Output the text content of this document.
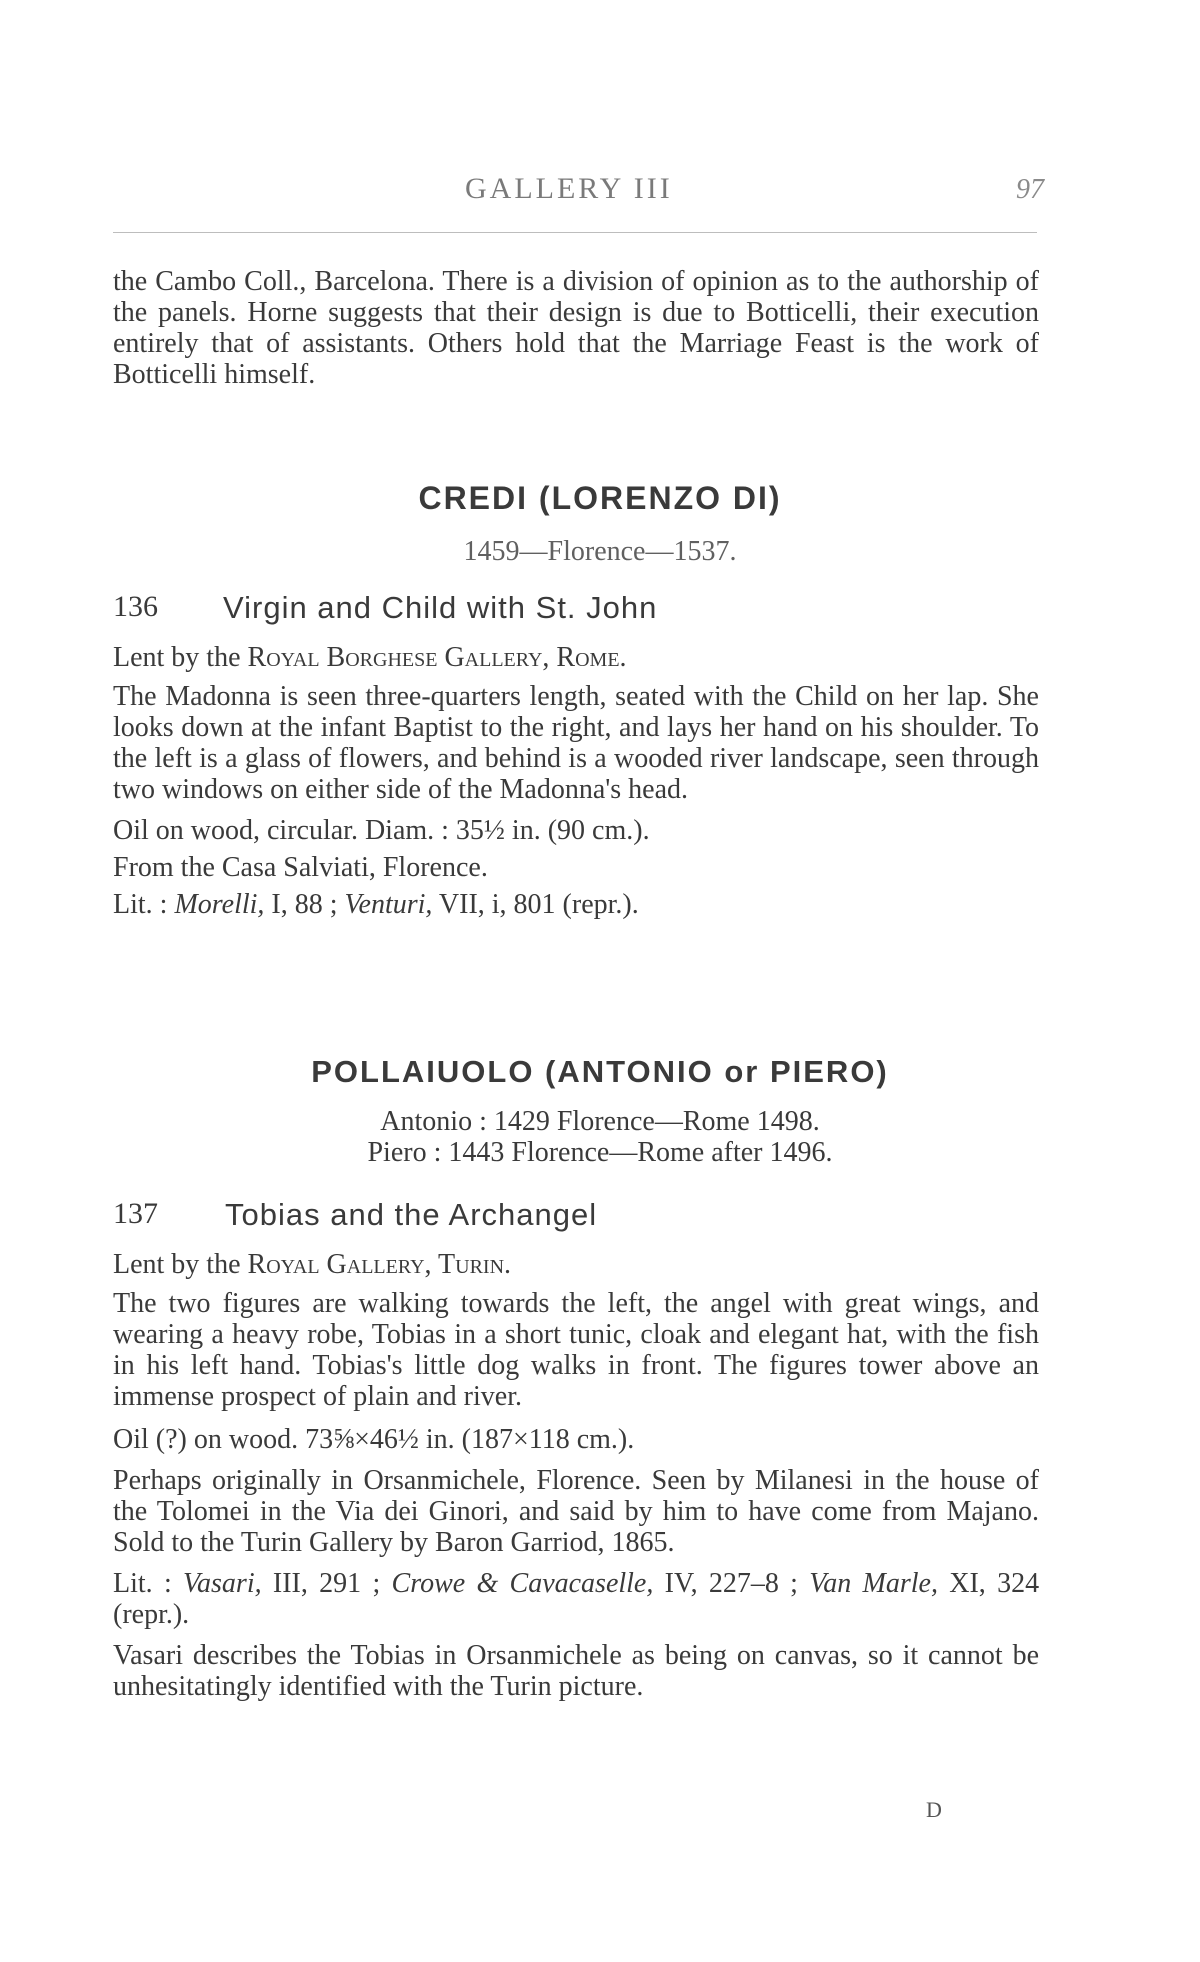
GALLERY III	97

the Cambo Coll., Barcelona. There is a division of opinion as to the authorship of the panels. Horne suggests that their design is due to Botticelli, their execution entirely that of assistants. Others hold that the Marriage Feast is the work of Botticelli himself.

CREDI (LORENZO DI)

1459—Florence—1537.

136 Virgin and Child with St. John

Lent by the Royal Borghese Gallery, Rome.

The Madonna is seen three-quarters length, seated with the Child on her lap. She looks down at the infant Baptist to the right, and lays her hand on his shoulder. To the left is a glass of flowers, and behind is a wooded river landscape, seen through two windows on either side of the Madonna's head.

Oil on wood, circular. Diam. : 35½ in. (90 cm.).

From the Casa Salviati, Florence.

Lit. : Morelli, I, 88 ; Venturi, VII, i, 801 (repr.).

POLLAIUOLO (ANTONIO or PIERO)

Antonio : 1429 Florence—Rome 1498.

Piero : 1443 Florence—Rome after 1496.

137 Tobias and the Archangel

Lent by the Royal Gallery, Turin.

The two figures are walking towards the left, the angel with great wings, and wearing a heavy robe, Tobias in a short tunic, cloak and elegant hat, with the fish in his left hand. Tobias's little dog walks in front. The figures tower above an immense prospect of plain and river.

Oil (?) on wood. 73⅝×46½ in. (187×118 cm.).

Perhaps originally in Orsanmichele, Florence. Seen by Milanesi in the house of the Tolomei in the Via dei Ginori, and said by him to have come from Majano. Sold to the Turin Gallery by Baron Garriod, 1865.

Lit. : Vasari, III, 291 ; Crowe & Cavacaselle, IV, 227–8 ; Van Marle, XI, 324 (repr.).

Vasari describes the Tobias in Orsanmichele as being on canvas, so it cannot be unhesitatingly identified with the Turin picture.

D
